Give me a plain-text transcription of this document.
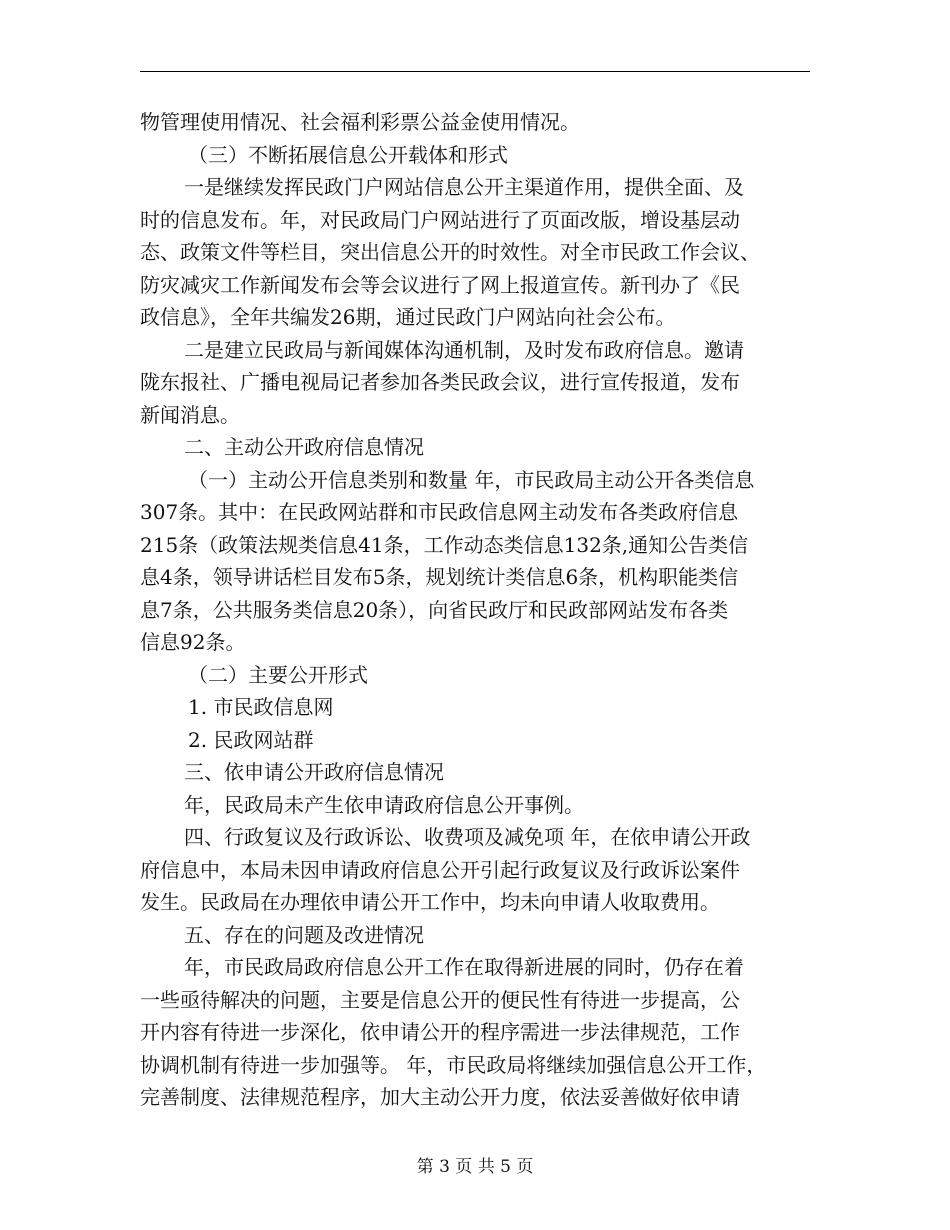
物管理使用情况、社会福利彩票公益金使用情况。
（三）不断拓展信息公开载体和形式
一是继续发挥民政门户网站信息公开主渠道作用，提供全面、及
时的信息发布。年，对民政局门户网站进行了页面改版，增设基层动
态、政策文件等栏目，突出信息公开的时效性。对全市民政工作会议、
防灾减灾工作新闻发布会等会议进行了网上报道宣传。新刊办了《民
政信息》，全年共编发26期，通过民政门户网站向社会公布。
二是建立民政局与新闻媒体沟通机制，及时发布政府信息。邀请
陇东报社、广播电视局记者参加各类民政会议，进行宣传报道，发布
新闻消息。
二、主动公开政府信息情况
（一）主动公开信息类别和数量 年，市民政局主动公开各类信息
307条。其中：在民政网站群和市民政信息网主动发布各类政府信息
215条（政策法规类信息41条，工作动态类信息132条,通知公告类信
息4条，领导讲话栏目发布5条，规划统计类信息6条，机构职能类信
息7条，公共服务类信息20条），向省民政厅和民政部网站发布各类
信息92条。
（二）主要公开形式
1. 市民政信息网
2. 民政网站群
三、依申请公开政府信息情况
年，民政局未产生依申请政府信息公开事例。
四、行政复议及行政诉讼、收费项及减免项 年，在依申请公开政
府信息中，本局未因申请政府信息公开引起行政复议及行政诉讼案件
发生。民政局在办理依申请公开工作中，均未向申请人收取费用。
五、存在的问题及改进情况
年，市民政局政府信息公开工作在取得新进展的同时，仍存在着
一些亟待解决的问题，主要是信息公开的便民性有待进一步提高，公
开内容有待进一步深化，依申请公开的程序需进一步法律规范，工作
协调机制有待进一步加强等。 年，市民政局将继续加强信息公开工作，
完善制度、法律规范程序，加大主动公开力度，依法妥善做好依申请
第 3 页 共 5 页
